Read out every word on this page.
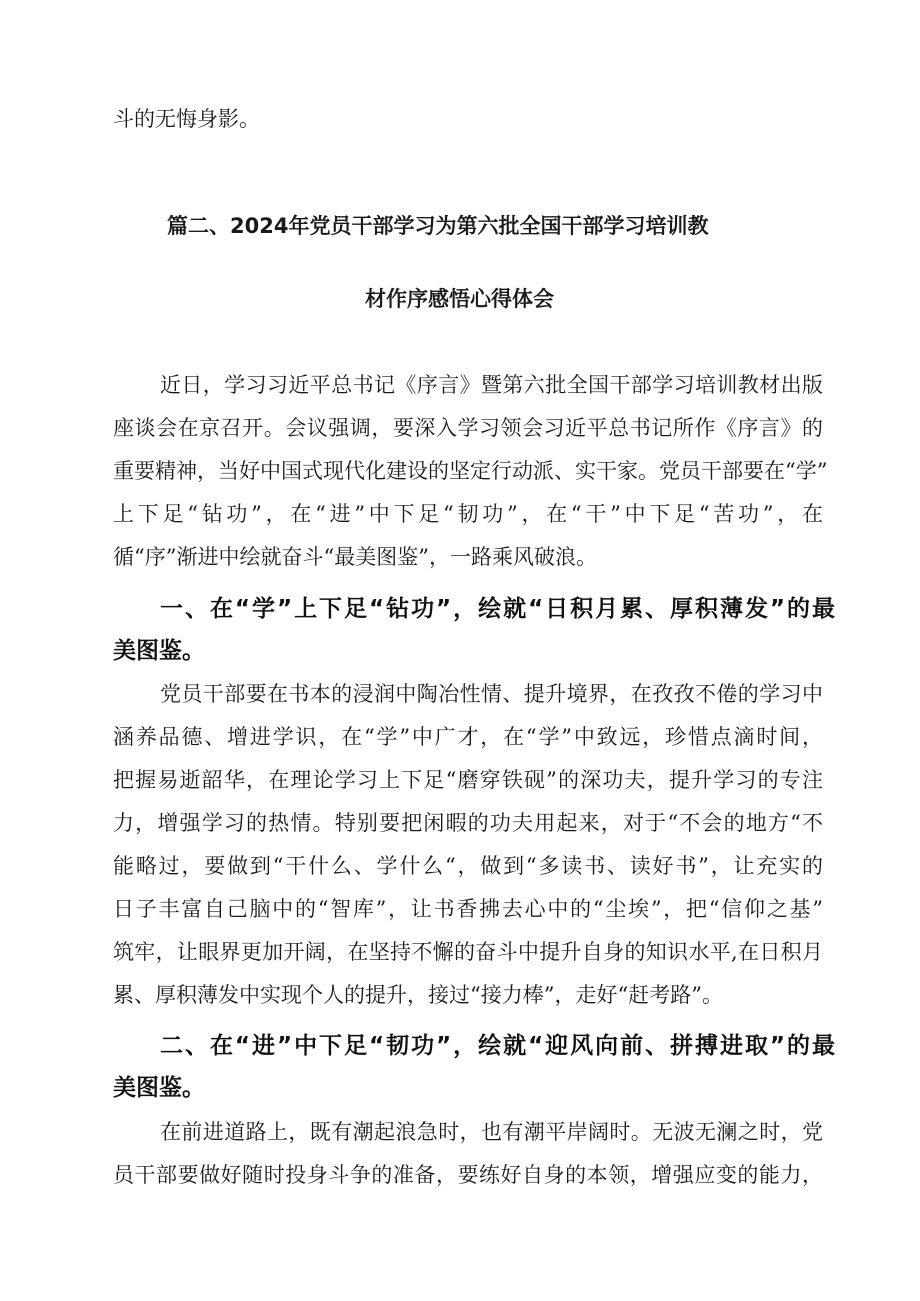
斗的无悔身影。
篇二、2024年党员干部学习为第六批全国干部学习培训教
材作序感悟心得体会
近日，学习习近平总书记《序言》暨第六批全国干部学习培训教材出版
座谈会在京召开。会议强调，要深入学习领会习近平总书记所作《序言》的
重要精神，当好中国式现代化建设的坚定行动派、实干家。党员干部要在“学”
上下足“钻功”，在“进”中下足“韧功”，在“干”中下足“苦功”，在
循“序”渐进中绘就奋斗“最美图鉴”，一路乘风破浪。
一、在“学”上下足“钻功”，绘就“日积月累、厚积薄发”的最
美图鉴。
党员干部要在书本的浸润中陶冶性情、提升境界，在孜孜不倦的学习中
涵养品德、增进学识，在“学”中广才，在“学”中致远，珍惜点滴时间，
把握易逝韶华，在理论学习上下足“磨穿铁砚”的深功夫，提升学习的专注
力，增强学习的热情。特别要把闲暇的功夫用起来，对于“不会的地方“不
能略过，要做到“干什么、学什么“，做到“多读书、读好书”，让充实的
日子丰富自己脑中的“智库”，让书香拂去心中的“尘埃”，把“信仰之基”
筑牢，让眼界更加开阔，在坚持不懈的奋斗中提升自身的知识水平,在日积月
累、厚积薄发中实现个人的提升，接过“接力棒”，走好“赶考路”。
二、在“进”中下足“韧功”，绘就“迎风向前、拼搏进取”的最
美图鉴。
在前进道路上，既有潮起浪急时，也有潮平岸阔时。无波无澜之时，党
员干部要做好随时投身斗争的准备，要练好自身的本领，增强应变的能力，
